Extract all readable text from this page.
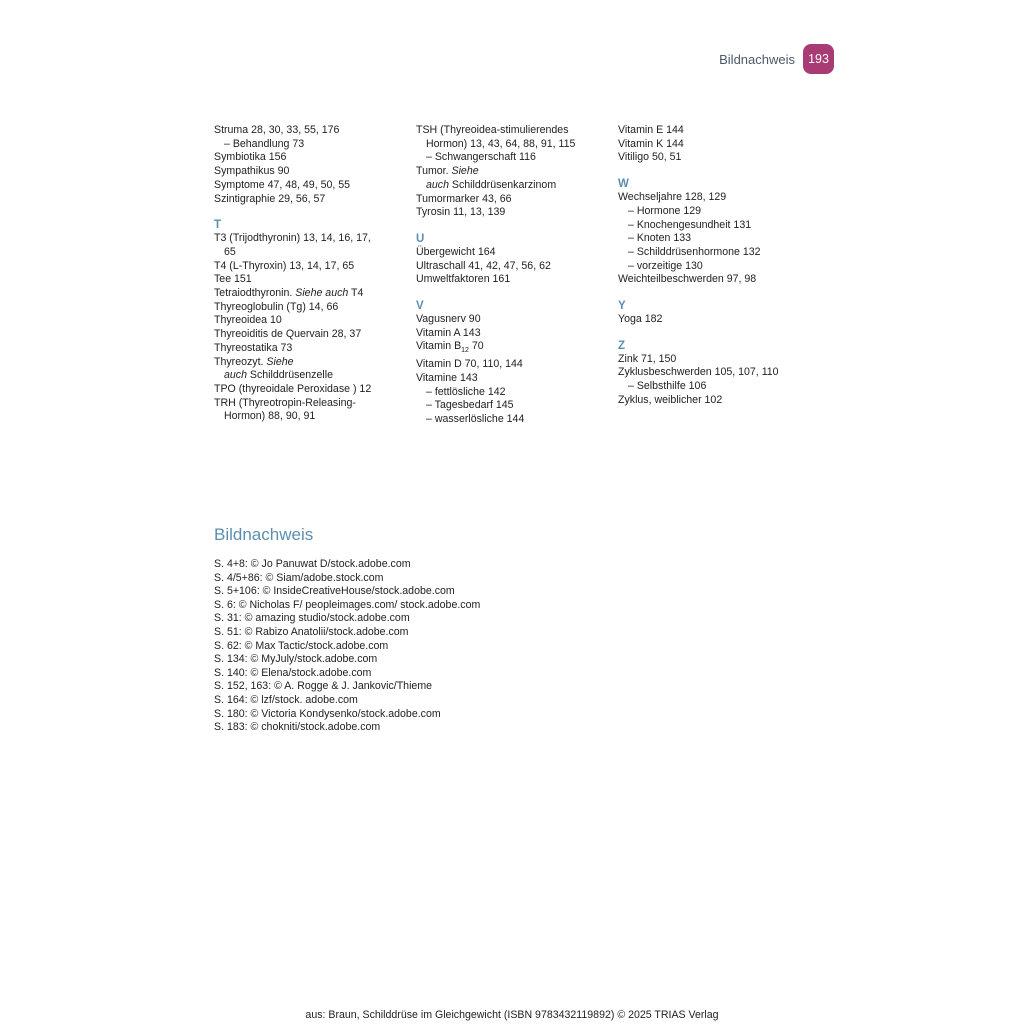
Bildnachweis	193
Struma 28, 30, 33, 55, 176
– Behandlung 73
Symbiotika 156
Sympathikus 90
Symptome 47, 48, 49, 50, 55
Szintigraphie 29, 56, 57
T
T3 (Trijodthyronin) 13, 14, 16, 17,
65
T4 (L-Thyroxin) 13, 14, 17, 65
Tee 151
Tetraiodthyronin. Siehe auch T4
Thyreoglobulin (Tg) 14, 66
Thyreoidea 10
Thyreoiditis de Quervain 28, 37
Thyreostatika 73
Thyreozyt. Siehe
auch Schilddrüsenzelle
TPO (thyreoidale Peroxidase ) 12
TRH (Thyreotropin-Releasing-
Hormon) 88, 90, 91
TSH (Thyreoidea-stimulierendes
Hormon) 13, 43, 64, 88, 91, 115
– Schwangerschaft 116
Tumor. Siehe
auch Schilddrüsenkarzinom
Tumormarker 43, 66
Tyrosin 11, 13, 139
U
Übergewicht 164
Ultraschall 41, 42, 47, 56, 62
Umweltfaktoren 161
V
Vagusnerv 90
Vitamin A 143
Vitamin $B_{12}$ 70
Vitamin D 70, 110, 144
Vitamine 143
– fettlösliche 142
– Tagesbedarf 145
– wasserlösliche 144
Vitamin E 144
Vitamin K 144
Vitiligo 50, 51
W
Wechseljahre 128, 129
– Hormone 129
– Knochengesundheit 131
– Knoten 133
– Schilddrüsenhormone 132
– vorzeitige 130
Weichteilbeschwerden 97, 98
Y
Yoga 182
Z
Zink 71, 150
Zyklusbeschwerden 105, 107, 110
– Selbsthilfe 106
Zyklus, weiblicher 102
Bildnachweis
S. 4+8: © Jo Panuwat D/stock.adobe.com
S. 4/5+86: © Siam/adobe.stock.com
S. 5+106: © InsideCreativeHouse/stock.adobe.com
S. 6: © Nicholas F/ peopleimages.com/ stock.adobe.com
S. 31: © amazing studio/stock.adobe.com
S. 51: © Rabizo Anatolii/stock.adobe.com
S. 62: © Max Tactic/stock.adobe.com
S. 134: © MyJuly/stock.adobe.com
S. 140: © Elena/stock.adobe.com
S. 152, 163: © A. Rogge & J. Jankovic/Thieme
S. 164: © lzf/stock. adobe.com
S. 180: © Victoria Kondysenko/stock.adobe.com
S. 183: © chokniti/stock.adobe.com
aus: Braun, Schilddrüse im Gleichgewicht (ISBN 9783432119892) © 2025 TRIAS Verlag
